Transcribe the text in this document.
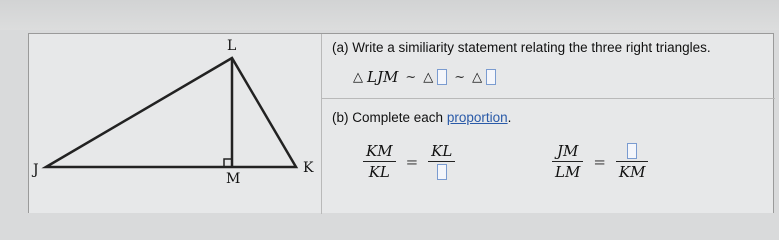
L
J
M
K
(a) Write a similiarity statement relating the three right triangles.
△ LJM ~ △ ~ △
(b) Complete each proportion.
$\frac{KM}{KL}$ =
KL	$\frac{JM}{LM}$ =
KM
